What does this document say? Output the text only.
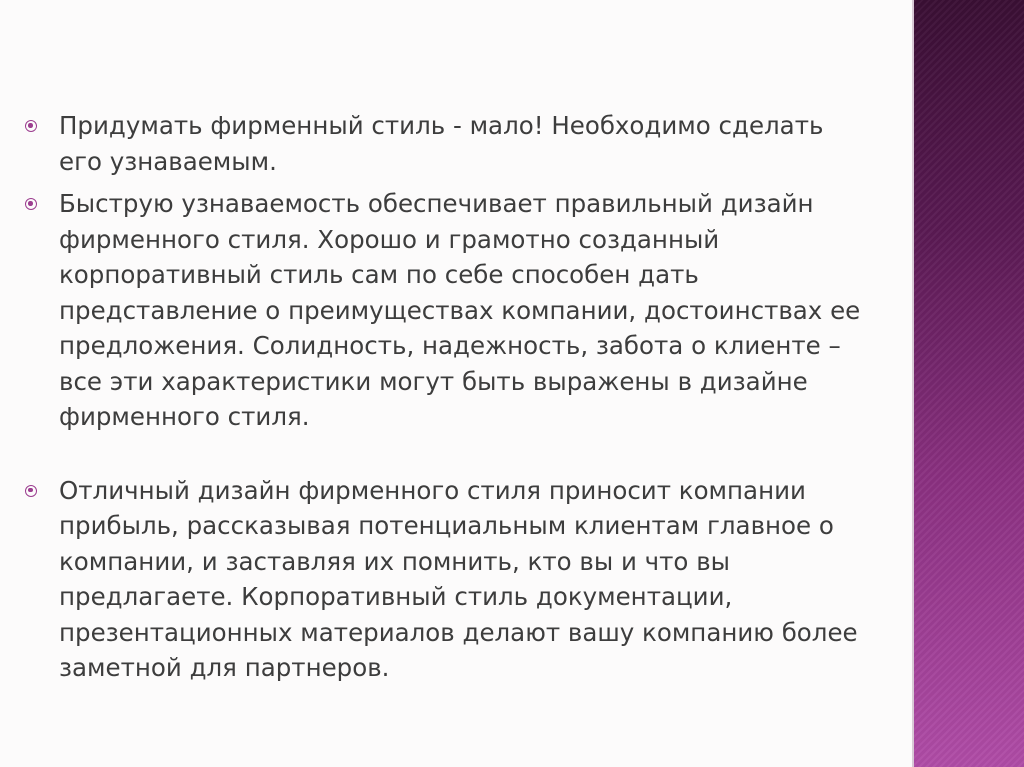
Придумать фирменный стиль - мало! Необходимо сделать
его узнаваемым.
Быструю узнаваемость обеспечивает правильный дизайн
фирменного стиля. Хорошо и грамотно созданный
корпоративный стиль сам по себе способен дать
представление о преимуществах компании, достоинствах ее
предложения. Солидность, надежность, забота о клиенте –
все эти характеристики могут быть выражены в дизайне
фирменного стиля.
Отличный дизайн фирменного стиля приносит компании
прибыль, рассказывая потенциальным клиентам главное о
компании, и заставляя их помнить, кто вы и что вы
предлагаете. Корпоративный стиль документации,
презентационных материалов делают вашу компанию более
заметной для партнеров.
